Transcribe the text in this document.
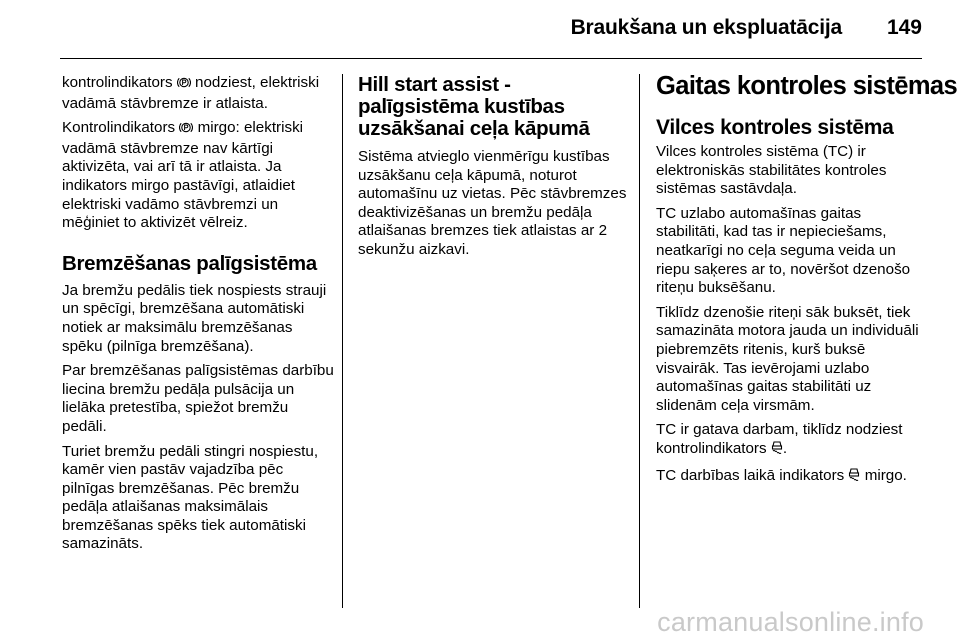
Braukšana un ekspluatācija 149

kontrolindikators  nodziest, elektriski vadāmā stāvbremze ir atlaista.

Kontrolindikators  mirgo: elektriski vadāmā stāvbremze nav kārtīgi aktivizēta, vai arī tā ir atlaista. Ja indikators mirgo pastāvīgi, atlaidiet elektriski vadāmo stāvbremzi un mēģiniet to aktivizēt vēlreiz.

Bremzēšanas palīgsistēma

Ja bremžu pedālis tiek nospiests strauji un spēcīgi, bremzēšana automātiski notiek ar maksimālu bremzēšanas spēku (pilnīga bremzēšana).

Par bremzēšanas palīgsistēmas darbību liecina bremžu pedāļa pulsācija un lielāka pretestība, spiežot bremžu pedāli.

Turiet bremžu pedāli stingri nospiestu, kamēr vien pastāv vajadzība pēc pilnīgas bremzēšanas. Pēc bremžu pedāļa atlaišanas maksimālais bremzēšanas spēks tiek automātiski samazināts.

Hill start assist - palīgsistēma kustības uzsākšanai ceļa kāpumā

Sistēma atvieglo vienmērīgu kustības uzsākšanu ceļa kāpumā, noturot automašīnu uz vietas. Pēc stāvbremzes deaktivizēšanas un bremžu pedāļa atlaišanas bremzes tiek atlaistas ar 2 sekunžu aizkavi.

Gaitas kontroles sistēmas
Vilces kontroles sistēma

Vilces kontroles sistēma (TC) ir elektroniskās stabilitātes kontroles sistēmas sastāvdaļa.

TC uzlabo automašīnas gaitas stabilitāti, kad tas ir nepieciešams, neatkarīgi no ceļa seguma veida un riepu saķeres ar to, novēršot dzenošo riteņu buksēšanu.

Tiklīdz dzenošie riteņi sāk buksēt, tiek samazināta motora jauda un individuāli piebremzēts ritenis, kurš buksē visvairāk. Tas ievērojami uzlabo automašīnas gaitas stabilitāti uz slidenām ceļa virsmām.

TC ir gatava darbam, tiklīdz nodziest kontrolindikators .

TC darbības laikā indikators  mirgo.

carmanualsonline.info
